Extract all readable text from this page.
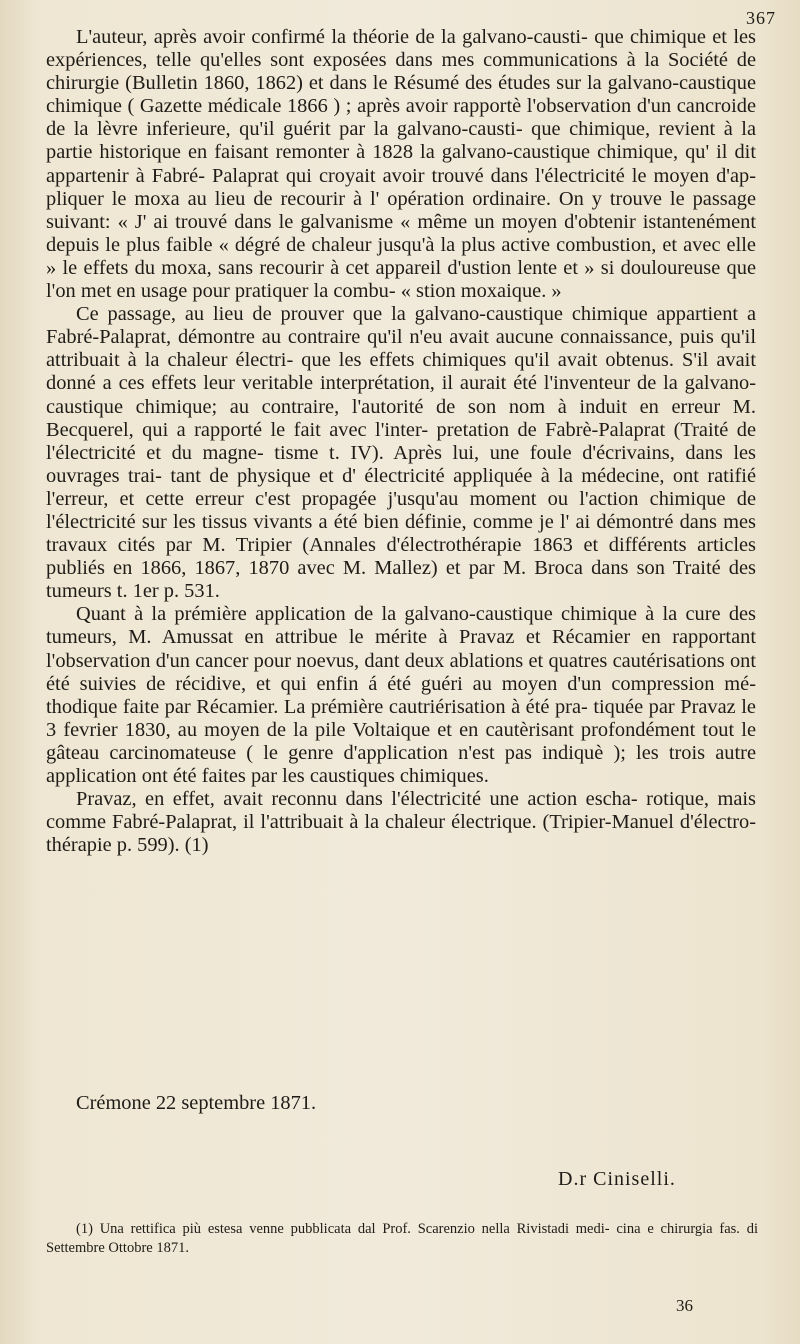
367

L'auteur, après avoir confirmé la théorie de la galvano-causti- que chimique et les expériences, telle qu'elles sont exposées dans mes communications à la Société de chirurgie (Bulletin 1860, 1862) et dans le Résumé des études sur la galvano-caustique chimique ( Gazette médicale 1866 ) ; après avoir rapportè l'observation d'un cancroide de la lèvre inferieure, qu'il guérit par la galvano-causti- que chimique, revient à la partie historique en faisant remonter à 1828 la galvano-caustique chimique, qu' il dit appartenir à Fabré- Palaprat qui croyait avoir trouvé dans l'électricité le moyen d'ap- pliquer le moxa au lieu de recourir à l' opération ordinaire. On y trouve le passage suivant: « J' ai trouvé dans le galvanisme « même un moyen d'obtenir istantenément depuis le plus faible « dégré de chaleur jusqu'à la plus active combustion, et avec elle » le effets du moxa, sans recourir à cet appareil d'ustion lente et » si douloureuse que l'on met en usage pour pratiquer la combu- « stion moxaique. »

Ce passage, au lieu de prouver que la galvano-caustique chimique appartient a Fabré-Palaprat, démontre au contraire qu'il n'eu avait aucune connaissance, puis qu'il attribuait à la chaleur électri- que les effets chimiques qu'il avait obtenus. S'il avait donné a ces effets leur veritable interprétation, il aurait été l'inventeur de la galvano-caustique chimique; au contraire, l'autorité de son nom à induit en erreur M. Becquerel, qui a rapporté le fait avec l'inter- pretation de Fabrè-Palaprat (Traité de l'électricité et du magne- tisme t. IV). Après lui, une foule d'écrivains, dans les ouvrages trai- tant de physique et d' électricité appliquée à la médecine, ont ratifié l'erreur, et cette erreur c'est propagée j'usqu'au moment ou l'action chimique de l'électricité sur les tissus vivants a été bien définie, comme je l' ai démontré dans mes travaux cités par M. Tripier (Annales d'électrothérapie 1863 et différents articles publiés en 1866, 1867, 1870 avec M. Mallez) et par M. Broca dans son Traité des tumeurs t. 1er p. 531.

Quant à la prémière application de la galvano-caustique chimique à la cure des tumeurs, M. Amussat en attribue le mérite à Pravaz et Récamier en rapportant l'observation d'un cancer pour noevus, dant deux ablations et quatres cautérisations ont été suivies de récidive, et qui enfin á été guéri au moyen d'un compression mé- thodique faite par Récamier. La prémière cautriérisation à été pra- tiquée par Pravaz le 3 fevrier 1830, au moyen de la pile Voltaique et en cautèrisant profondément tout le gâteau carcinomateuse ( le genre d'application n'est pas indiquè ); les trois autre application ont été faites par les caustiques chimiques.

Pravaz, en effet, avait reconnu dans l'électricité une action escha- rotique, mais comme Fabré-Palaprat, il l'attribuait à la chaleur électrique. (Tripier-Manuel d'électro-thérapie p. 599). (1)

Crémone 22 septembre 1871.
D.r Ciniselli.

(1) Una rettifica più estesa venne pubblicata dal Prof. Scarenzio nella Rivistadi medi- cina e chirurgia fas. di Settembre Ottobre 1871.

36
